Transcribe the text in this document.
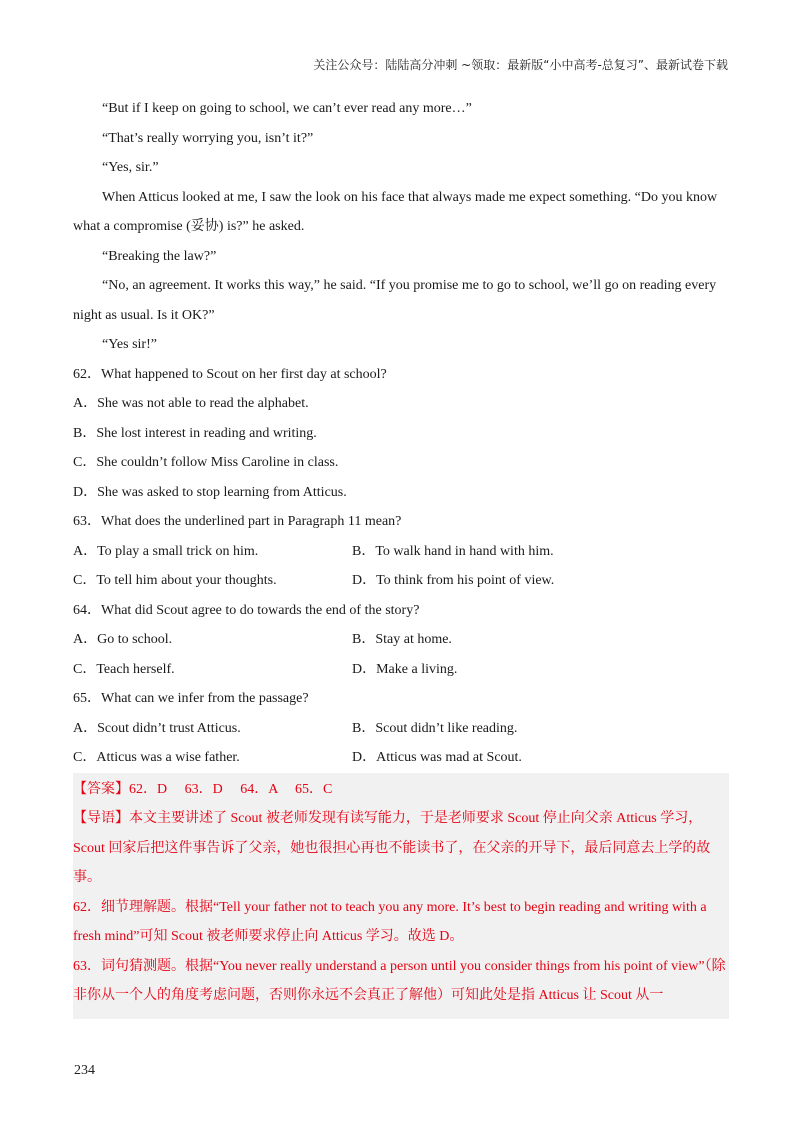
关注公众号：陆陆高分冲刺 ~领取：最新版“小中高考-总复习”、最新试卷下载

“But if I keep on going to school, we can’t ever read any more…”

“That’s really worrying you, isn’t it?”

“Yes, sir.”

When Atticus looked at me, I saw the look on his face that always made me expect something. “Do you know what a compromise (妥协) is?” he asked.

“Breaking the law?”

“No, an agreement. It works this way,” he said. “If you promise me to go to school, we’ll go on reading every night as usual. Is it OK?”

“Yes sir!”

62．What happened to Scout on her first day at school?

A．She was not able to read the alphabet.

B．She lost interest in reading and writing.

C．She couldn’t follow Miss Caroline in class.

D．She was asked to stop learning from Atticus.

63．What does the underlined part in Paragraph 11 mean?

A．To play a small trick on him.	B．To walk hand in hand with him.
C．To tell him about your thoughts.	D．To think from his point of view.

64．What did Scout agree to do towards the end of the story?

A．Go to school.	B．Stay at home.
C．Teach herself.	D．Make a living.

65．What can we infer from the passage?

A．Scout didn’t trust Atticus.	B．Scout didn’t like reading.
C．Atticus was a wise father.	D．Atticus was mad at Scout.

【答案】62．D     63．D     64．A     65．C

【导语】本文主要讲述了 Scout 被老师发现有读写能力，于是老师要求 Scout 停止向父亲 Atticus 学习，Scout 回家后把这件事告诉了父亲，她也很担心再也不能读书了，在父亲的开导下，最后同意去上学的故事。

62．细节理解题。根据“Tell your father not to teach you any more. It’s best to begin reading and writing with a fresh mind”可知 Scout 被老师要求停止向 Atticus 学习。故选 D。

63．词句猜测题。根据“You never really understand a person until you consider things from his point of view”（除非你从一个人的角度考虑问题，否则你永远不会真正了解他）可知此处是指 Atticus 让 Scout 从一

234
